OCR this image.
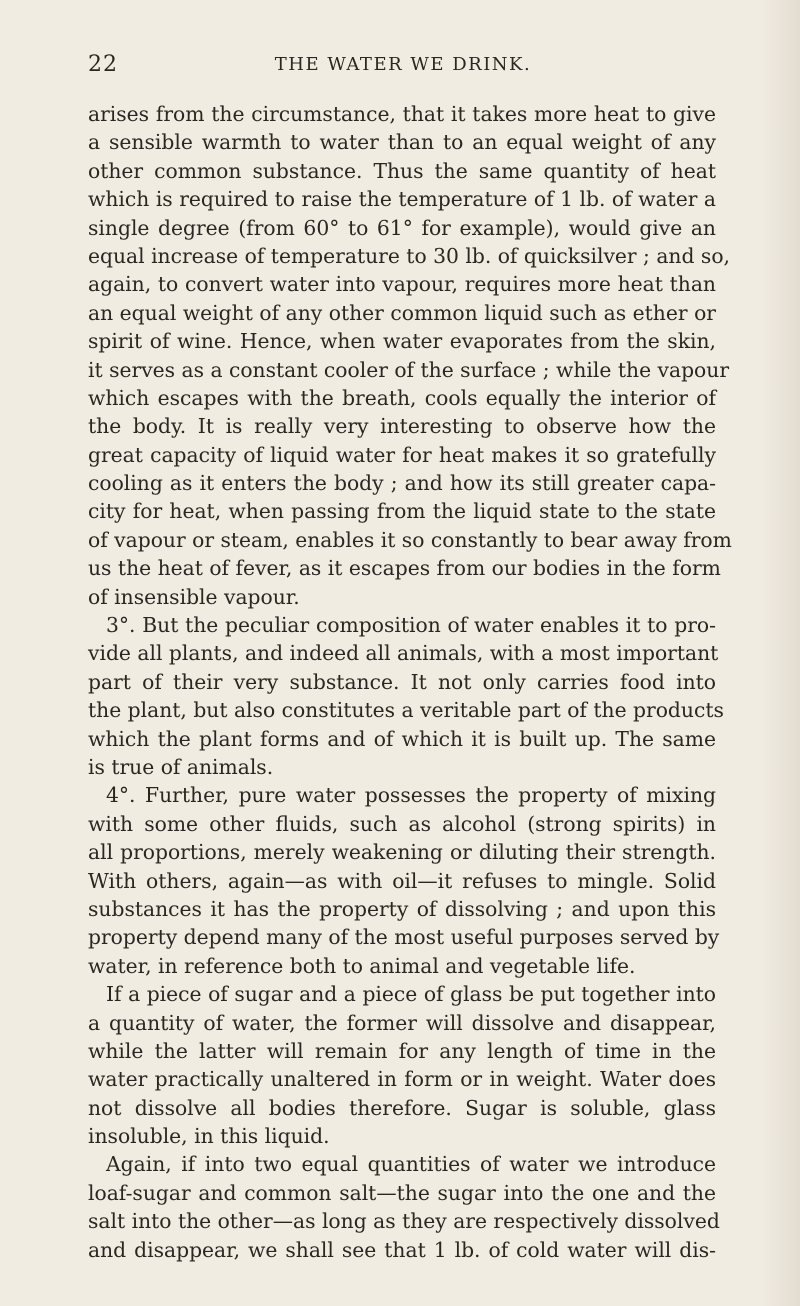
22	THE WATER WE DRINK.
arises from the circumstance, that it takes more heat to give
a sensible warmth to water than to an equal weight of any
other common substance. Thus the same quantity of heat
which is required to raise the temperature of 1 lb. of water a
single degree (from 60° to 61° for example), would give an
equal increase of temperature to 30 lb. of quicksilver ; and so,
again, to convert water into vapour, requires more heat than
an equal weight of any other common liquid such as ether or
spirit of wine. Hence, when water evaporates from the skin,
it serves as a constant cooler of the surface ; while the vapour
which escapes with the breath, cools equally the interior of
the body. It is really very interesting to observe how the
great capacity of liquid water for heat makes it so gratefully
cooling as it enters the body ; and how its still greater capa-
city for heat, when passing from the liquid state to the state
of vapour or steam, enables it so constantly to bear away from
us the heat of fever, as it escapes from our bodies in the form
of insensible vapour.
3°. But the peculiar composition of water enables it to pro-
vide all plants, and indeed all animals, with a most important
part of their very substance. It not only carries food into
the plant, but also constitutes a veritable part of the products
which the plant forms and of which it is built up. The same
is true of animals.
4°. Further, pure water possesses the property of mixing
with some other fluids, such as alcohol (strong spirits) in
all proportions, merely weakening or diluting their strength.
With others, again—as with oil—it refuses to mingle. Solid
substances it has the property of dissolving ; and upon this
property depend many of the most useful purposes served by
water, in reference both to animal and vegetable life.
If a piece of sugar and a piece of glass be put together into
a quantity of water, the former will dissolve and disappear,
while the latter will remain for any length of time in the
water practically unaltered in form or in weight. Water does
not dissolve all bodies therefore. Sugar is soluble, glass
insoluble, in this liquid.
Again, if into two equal quantities of water we introduce
loaf-sugar and common salt—the sugar into the one and the
salt into the other—as long as they are respectively dissolved
and disappear, we shall see that 1 lb. of cold water will dis-
